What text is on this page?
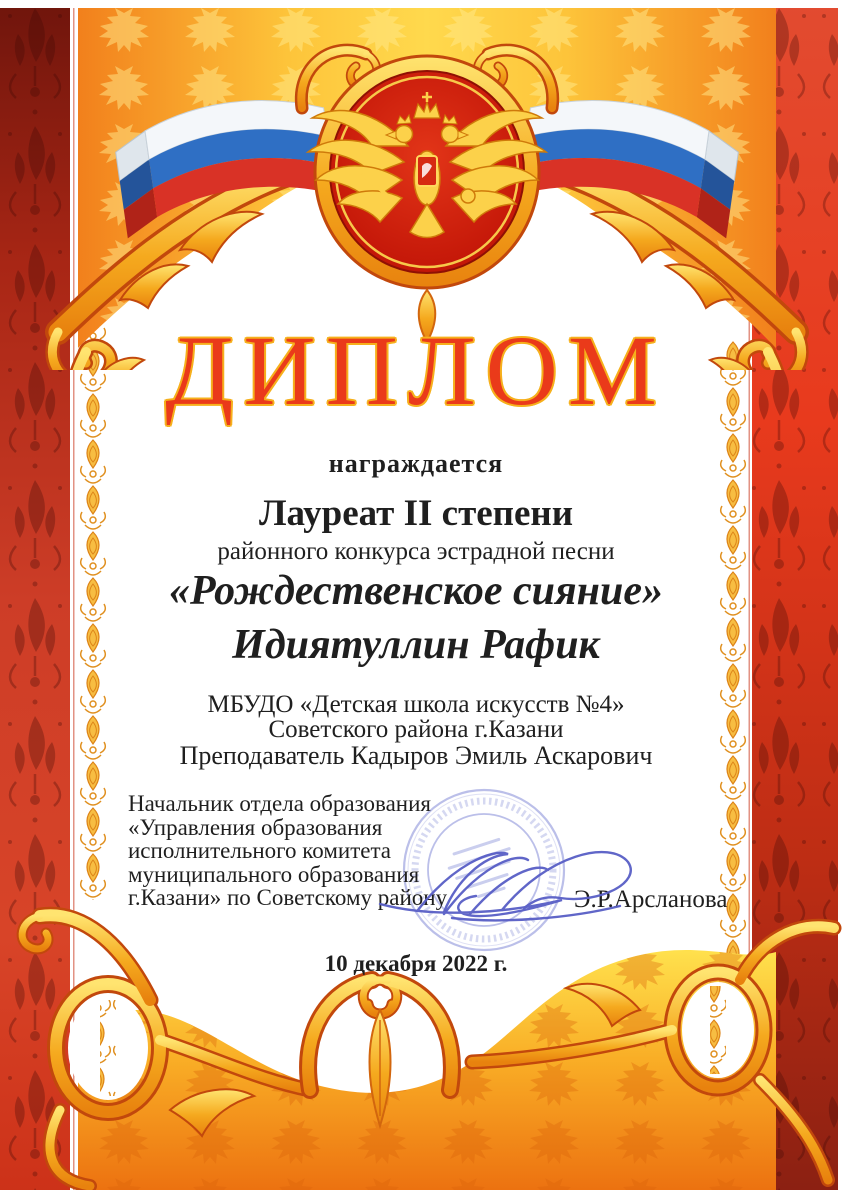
ДИПЛОМ
награждается
Лауреат II степени
районного конкурса эстрадной песни
«Рождественское сияние»
Идиятуллин Рафик
МБУДО «Детская школа искусств №4»
Советского района г.Казани
Преподаватель Кадыров Эмиль Аскарович
Начальник отдела образования
«Управления образования
исполнительного комитета
муниципального образования
г.Казани» по Советскому району	Э.Р.Арсланова
10 декабря 2022 г.
